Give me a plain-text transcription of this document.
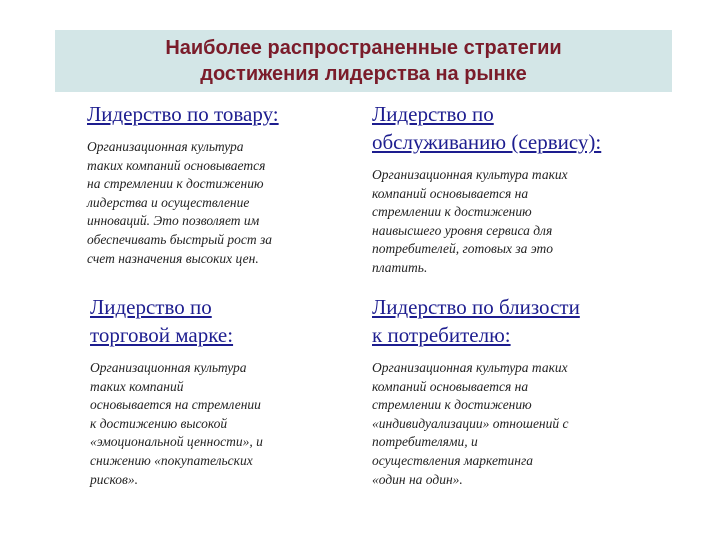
Наиболее распространенные стратегии
достижения лидерства на рынке
Лидерство по товару:

Организационная культура
таких компаний основывается
на стремлении к достижению
лидерства и осуществление
инноваций. Это позволяет им
обеспечивать быстрый рост за
счет назначения высоких цен.

Лидерство по
обслуживанию (сервису):

Организационная культура таких
компаний основывается на
стремлении к достижению
наивысшего уровня сервиса для
потребителей, готовых за это
платить.

Лидерство по
торговой марке:

Организационная культура
таких компаний
основывается на стремлении
к достижению высокой
«эмоциональной ценности», и
снижению «покупательских
рисков».

Лидерство по близости
к потребителю:

Организационная культура таких
компаний основывается на
стремлении к достижению
«индивидуализации» отношений с
потребителями, и
осуществления маркетинга
«один на один».
